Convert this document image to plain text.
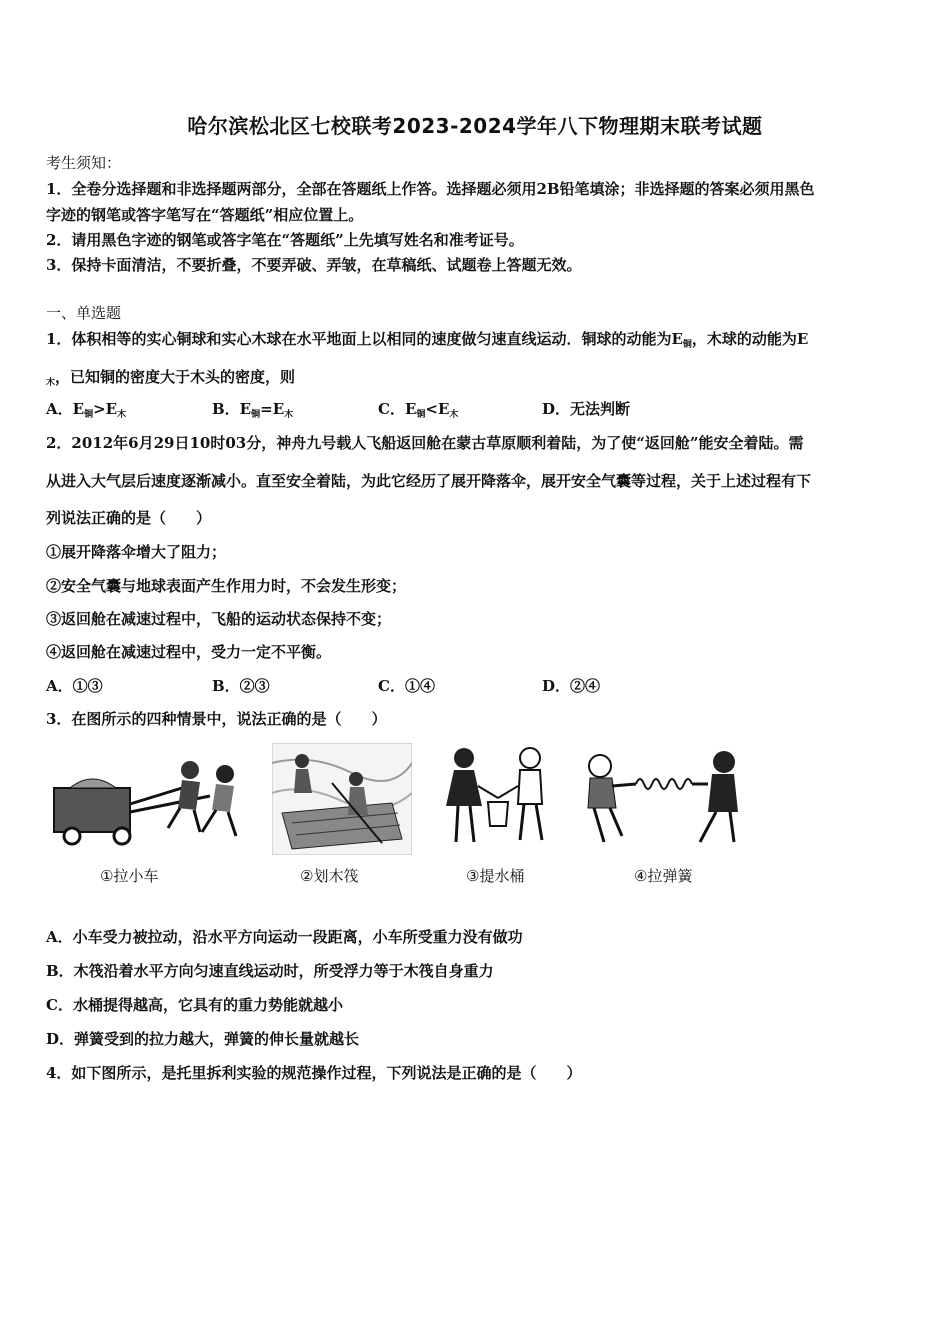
哈尔滨松北区七校联考2023-2024学年八下物理期末联考试题
考生须知：
1．全卷分选择题和非选择题两部分，全部在答题纸上作答。选择题必须用2B铅笔填涂；非选择题的答案必须用黑色
字迹的钢笔或答字笔写在“答题纸”相应位置上。
2．请用黑色字迹的钢笔或答字笔在“答题纸”上先填写姓名和准考证号。
3．保持卡面清洁，不要折叠，不要弄破、弄皱，在草稿纸、试题卷上答题无效。
一、单选题
1．体积相等的实心铜球和实心木球在水平地面上以相同的速度做匀速直线运动．铜球的动能为$E_铜$，木球的动能为E
$_木$，已知铜的密度大于木头的密度，则
A．$E_铜>E_木$	B．$E_铜=E_木$	C．$E_铜<E_木$	D．无法判断
2．2012年6月29日10时03分，神舟九号载人飞船返回舱在蒙古草原顺利着陆，为了使“返回舱”能安全着陆。需
从进入大气层后速度逐渐减小。直至安全着陆，为此它经历了展开降落伞，展开安全气囊等过程，关于上述过程有下
列说法正确的是（　　）
①展开降落伞增大了阻力；
②安全气囊与地球表面产生作用力时，不会发生形变；
③返回舱在减速过程中，飞船的运动状态保持不变；
④返回舱在减速过程中，受力一定不平衡。
A．①③	B．②③	C．①④	D．②④
3．在图所示的四种情景中，说法正确的是（　　）
①拉小车	②划木筏	③提水桶	④拉弹簧
A．小车受力被拉动，沿水平方向运动一段距离，小车所受重力没有做功
B．木筏沿着水平方向匀速直线运动时，所受浮力等于木筏自身重力
C．水桶提得越高，它具有的重力势能就越小
D．弹簧受到的拉力越大，弹簧的伸长量就越长
4．如下图所示，是托里拆利实验的规范操作过程，下列说法是正确的是（　　）
